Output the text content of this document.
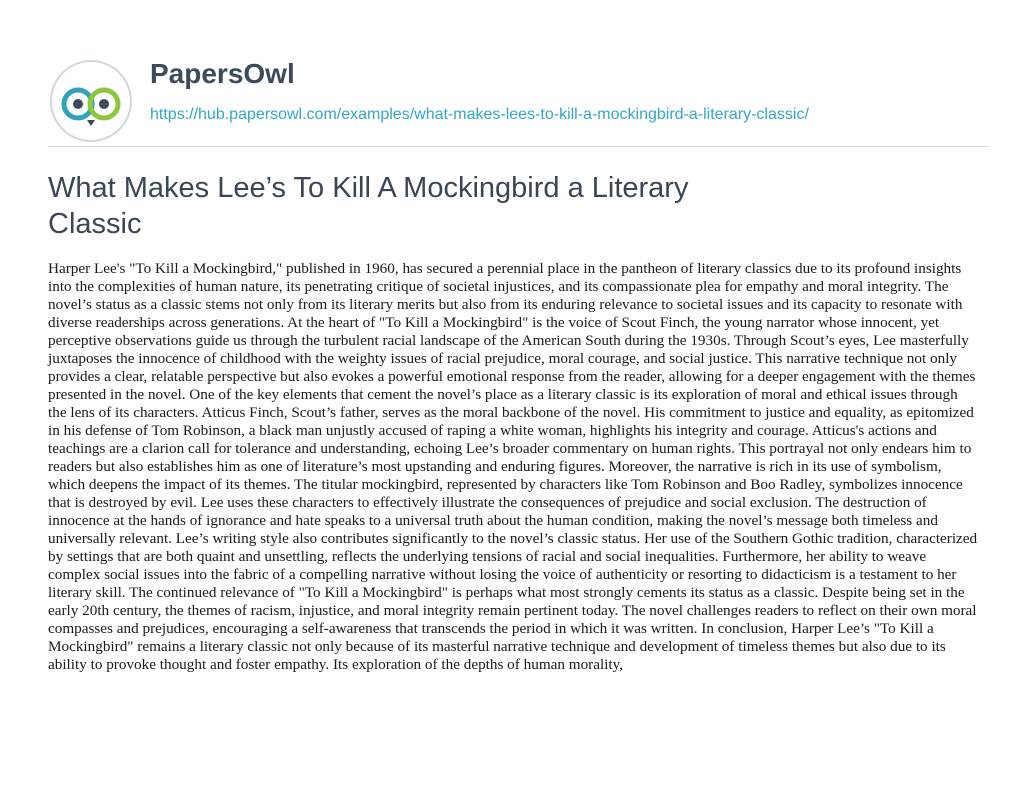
PapersOwl
https://hub.papersowl.com/examples/what-makes-lees-to-kill-a-mockingbird-a-literary-classic/
What Makes Lee’s To Kill A Mockingbird a Literary Classic

Harper Lee's "To Kill a Mockingbird," published in 1960, has secured a perennial place in the pantheon of literary classics due to its profound insights into the complexities of human nature, its penetrating critique of societal injustices, and its compassionate plea for empathy and moral integrity. The novel’s status as a classic stems not only from its literary merits but also from its enduring relevance to societal issues and its capacity to resonate with diverse readerships across generations. At the heart of "To Kill a Mockingbird" is the voice of Scout Finch, the young narrator whose innocent, yet perceptive observations guide us through the turbulent racial landscape of the American South during the 1930s. Through Scout’s eyes, Lee masterfully juxtaposes the innocence of childhood with the weighty issues of racial prejudice, moral courage, and social justice. This narrative technique not only provides a clear, relatable perspective but also evokes a powerful emotional response from the reader, allowing for a deeper engagement with the themes presented in the novel. One of the key elements that cement the novel’s place as a literary classic is its exploration of moral and ethical issues through the lens of its characters. Atticus Finch, Scout’s father, serves as the moral backbone of the novel. His commitment to justice and equality, as epitomized in his defense of Tom Robinson, a black man unjustly accused of raping a white woman, highlights his integrity and courage. Atticus's actions and teachings are a clarion call for tolerance and understanding, echoing Lee’s broader commentary on human rights. This portrayal not only endears him to readers but also establishes him as one of literature’s most upstanding and enduring figures. Moreover, the narrative is rich in its use of symbolism, which deepens the impact of its themes. The titular mockingbird, represented by characters like Tom Robinson and Boo Radley, symbolizes innocence that is destroyed by evil. Lee uses these characters to effectively illustrate the consequences of prejudice and social exclusion. The destruction of innocence at the hands of ignorance and hate speaks to a universal truth about the human condition, making the novel’s message both timeless and universally relevant. Lee’s writing style also contributes significantly to the novel’s classic status. Her use of the Southern Gothic tradition, characterized by settings that are both quaint and unsettling, reflects the underlying tensions of racial and social inequalities. Furthermore, her ability to weave complex social issues into the fabric of a compelling narrative without losing the voice of authenticity or resorting to didacticism is a testament to her literary skill. The continued relevance of "To Kill a Mockingbird" is perhaps what most strongly cements its status as a classic. Despite being set in the early 20th century, the themes of racism, injustice, and moral integrity remain pertinent today. The novel challenges readers to reflect on their own moral compasses and prejudices, encouraging a self-awareness that transcends the period in which it was written. In conclusion, Harper Lee’s "To Kill a Mockingbird" remains a literary classic not only because of its masterful narrative technique and development of timeless themes but also due to its ability to provoke thought and foster empathy. Its exploration of the depths of human morality,
